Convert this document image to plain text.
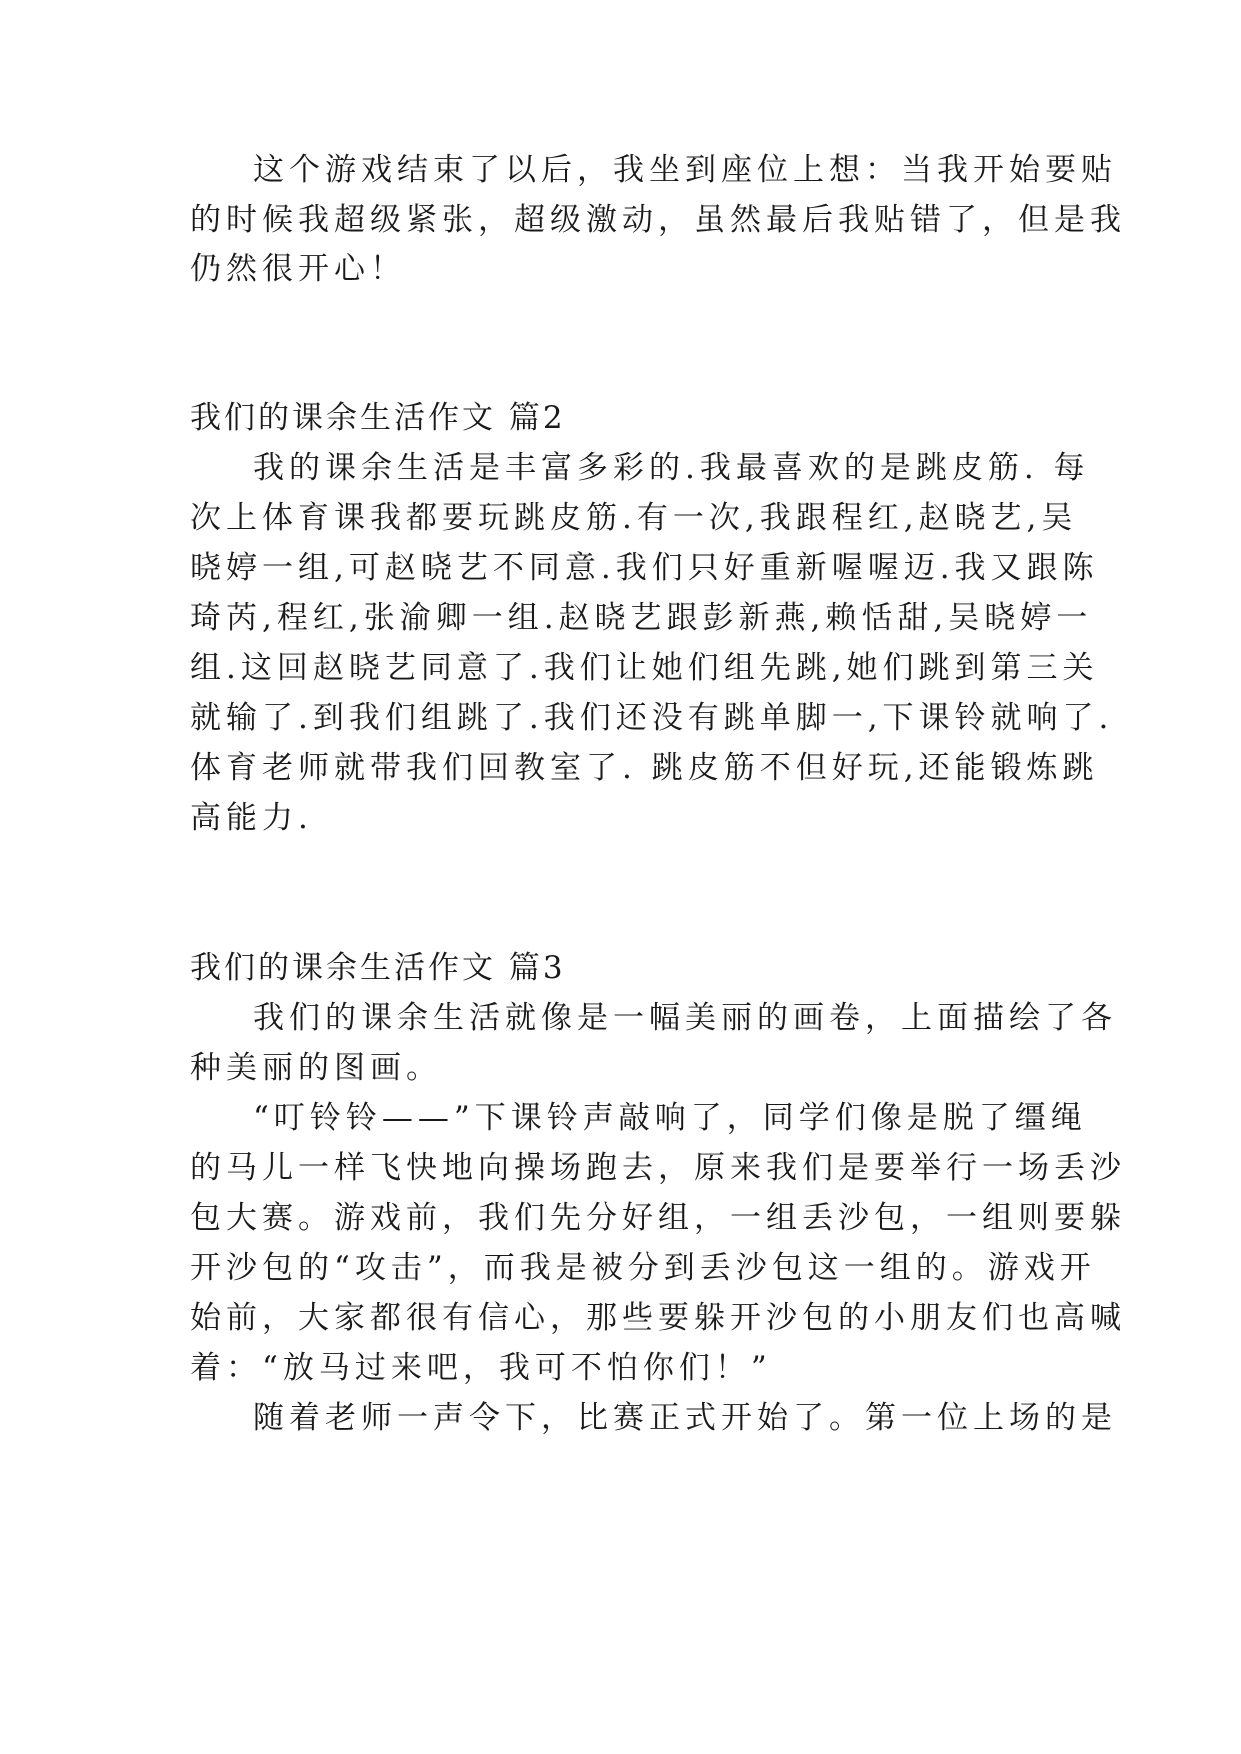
这个游戏结束了以后，我坐到座位上想：当我开始要贴

的时候我超级紧张，超级激动，虽然最后我贴错了，但是我

仍然很开心！

我们的课余生活作文 篇2

我的课余生活是丰富多彩的.我最喜欢的是跳皮筋. 每

次上体育课我都要玩跳皮筋.有一次,我跟程红,赵晓艺,吴

晓婷一组,可赵晓艺不同意.我们只好重新喔喔迈.我又跟陈

琦芮,程红,张渝卿一组.赵晓艺跟彭新燕,赖恬甜,吴晓婷一

组.这回赵晓艺同意了.我们让她们组先跳,她们跳到第三关

就输了.到我们组跳了.我们还没有跳单脚一,下课铃就响了.

体育老师就带我们回教室了. 跳皮筋不但好玩,还能锻炼跳

高能力.

我们的课余生活作文 篇3

我们的课余生活就像是一幅美丽的画卷，上面描绘了各

种美丽的图画。

“叮铃铃——”下课铃声敲响了，同学们像是脱了缰绳

的马儿一样飞快地向操场跑去，原来我们是要举行一场丢沙

包大赛。游戏前，我们先分好组，一组丢沙包，一组则要躲

开沙包的“攻击”，而我是被分到丢沙包这一组的。游戏开

始前，大家都很有信心，那些要躲开沙包的小朋友们也高喊

着：“放马过来吧，我可不怕你们！”

随着老师一声令下，比赛正式开始了。第一位上场的是
